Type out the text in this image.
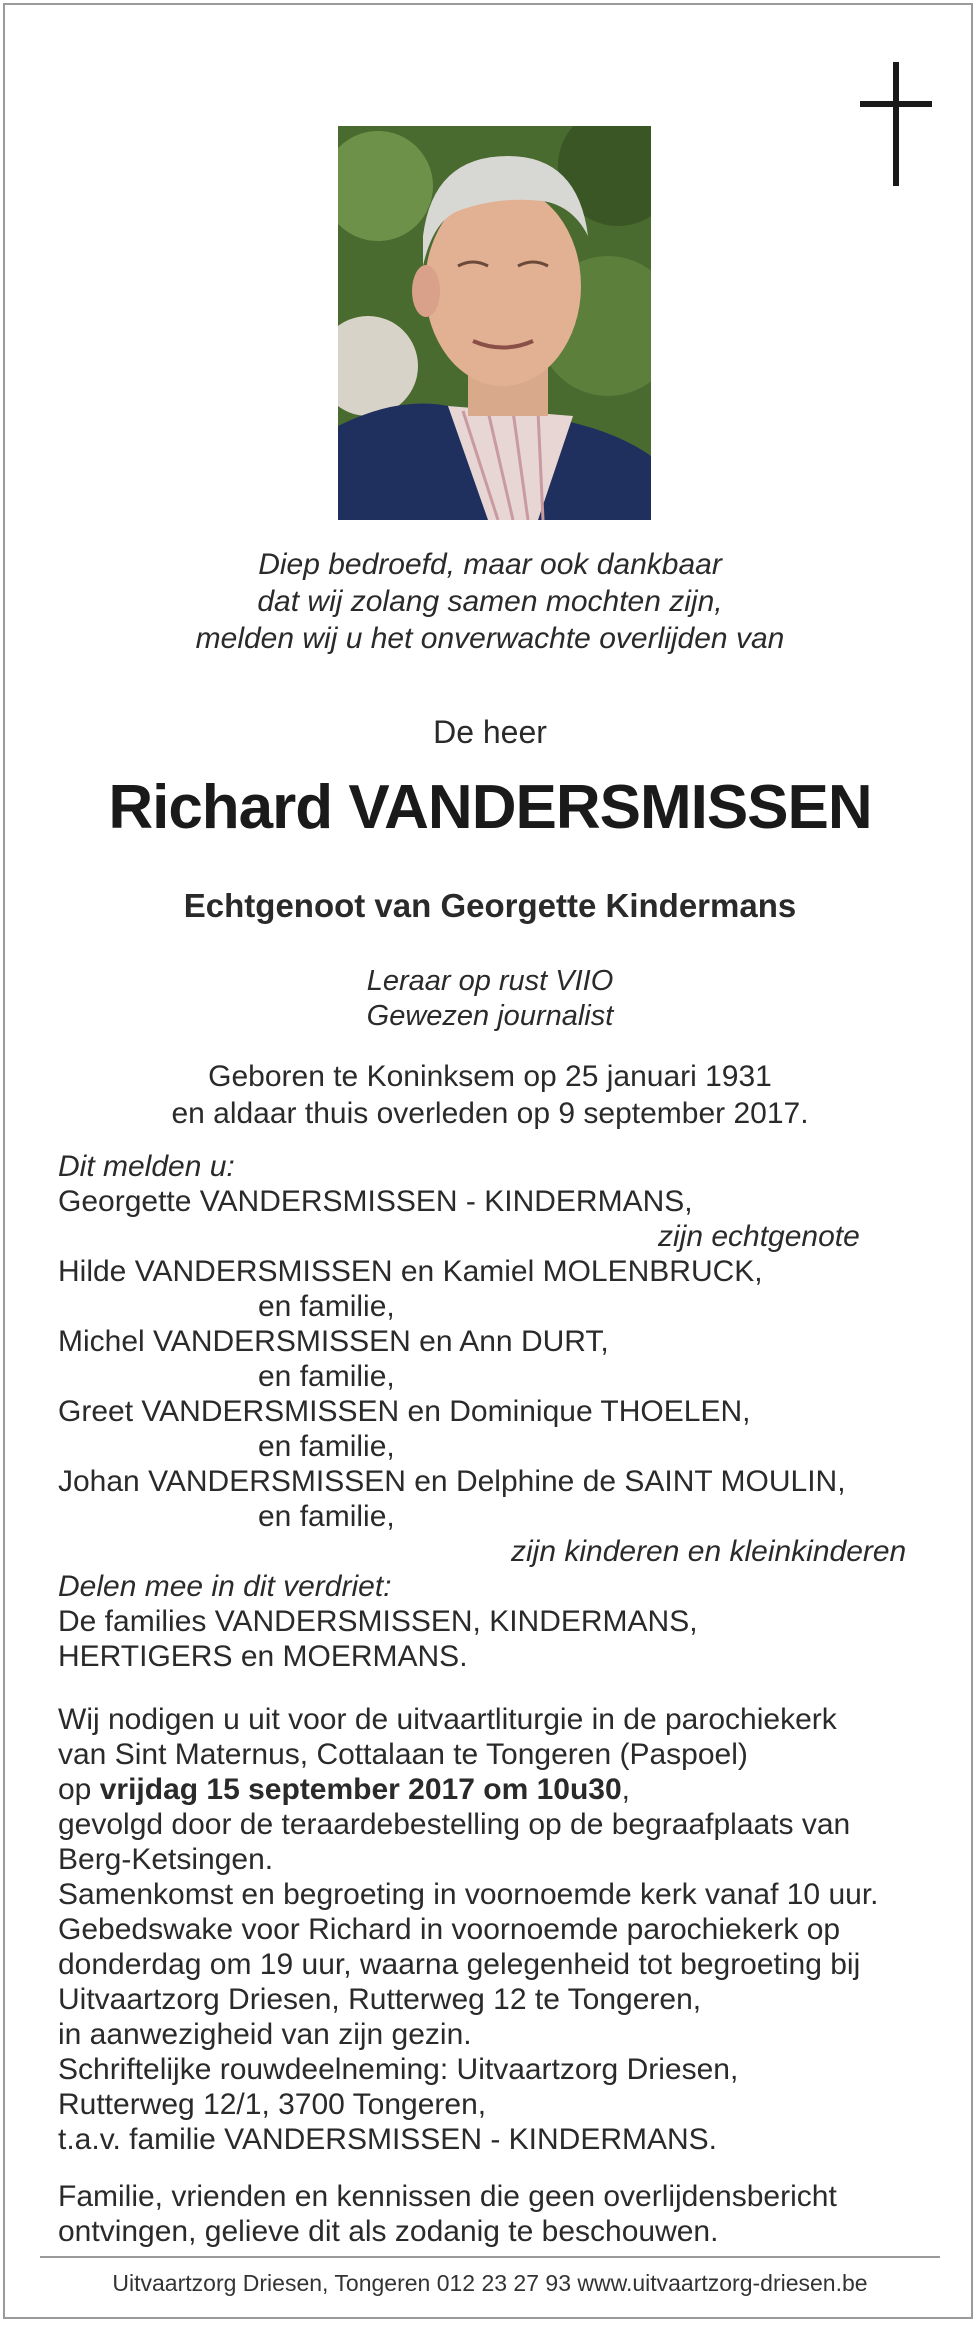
Diep bedroefd, maar ook dankbaar
dat wij zolang samen mochten zijn,
melden wij u het onverwachte overlijden van
De heer
Richard VANDERSMISSEN
Echtgenoot van Georgette Kindermans
Leraar op rust VIIO
Gewezen journalist
Geboren te Koninksem op 25 januari 1931
en aldaar thuis overleden op 9 september 2017.
Dit melden u:
Georgette VANDERSMISSEN - KINDERMANS,
zijn echtgenote
Hilde VANDERSMISSEN en Kamiel MOLENBRUCK,
en familie,
Michel VANDERSMISSEN en Ann DURT,
en familie,
Greet VANDERSMISSEN en Dominique THOELEN,
en familie,
Johan VANDERSMISSEN en Delphine de SAINT MOULIN,
en familie,
zijn kinderen en kleinkinderen
Delen mee in dit verdriet:
De families VANDERSMISSEN, KINDERMANS,
HERTIGERS en MOERMANS.
Wij nodigen u uit voor de uitvaartliturgie in de parochiekerk
van Sint Maternus, Cottalaan te Tongeren (Paspoel)
op vrijdag 15 september 2017 om 10u30,
gevolgd door de teraardebestelling op de begraafplaats van
Berg-Ketsingen.
Samenkomst en begroeting in voornoemde kerk vanaf 10 uur.
Gebedswake voor Richard in voornoemde parochiekerk op
donderdag om 19 uur, waarna gelegenheid tot begroeting bij
Uitvaartzorg Driesen, Rutterweg 12 te Tongeren,
in aanwezigheid van zijn gezin.
Schriftelijke rouwdeelneming: Uitvaartzorg Driesen,
Rutterweg 12/1, 3700 Tongeren,
t.a.v. familie VANDERSMISSEN - KINDERMANS.
Familie, vrienden en kennissen die geen overlijdensbericht
ontvingen, gelieve dit als zodanig te beschouwen.
Uitvaartzorg Driesen, Tongeren 012 23 27 93 www.uitvaartzorg-driesen.be
